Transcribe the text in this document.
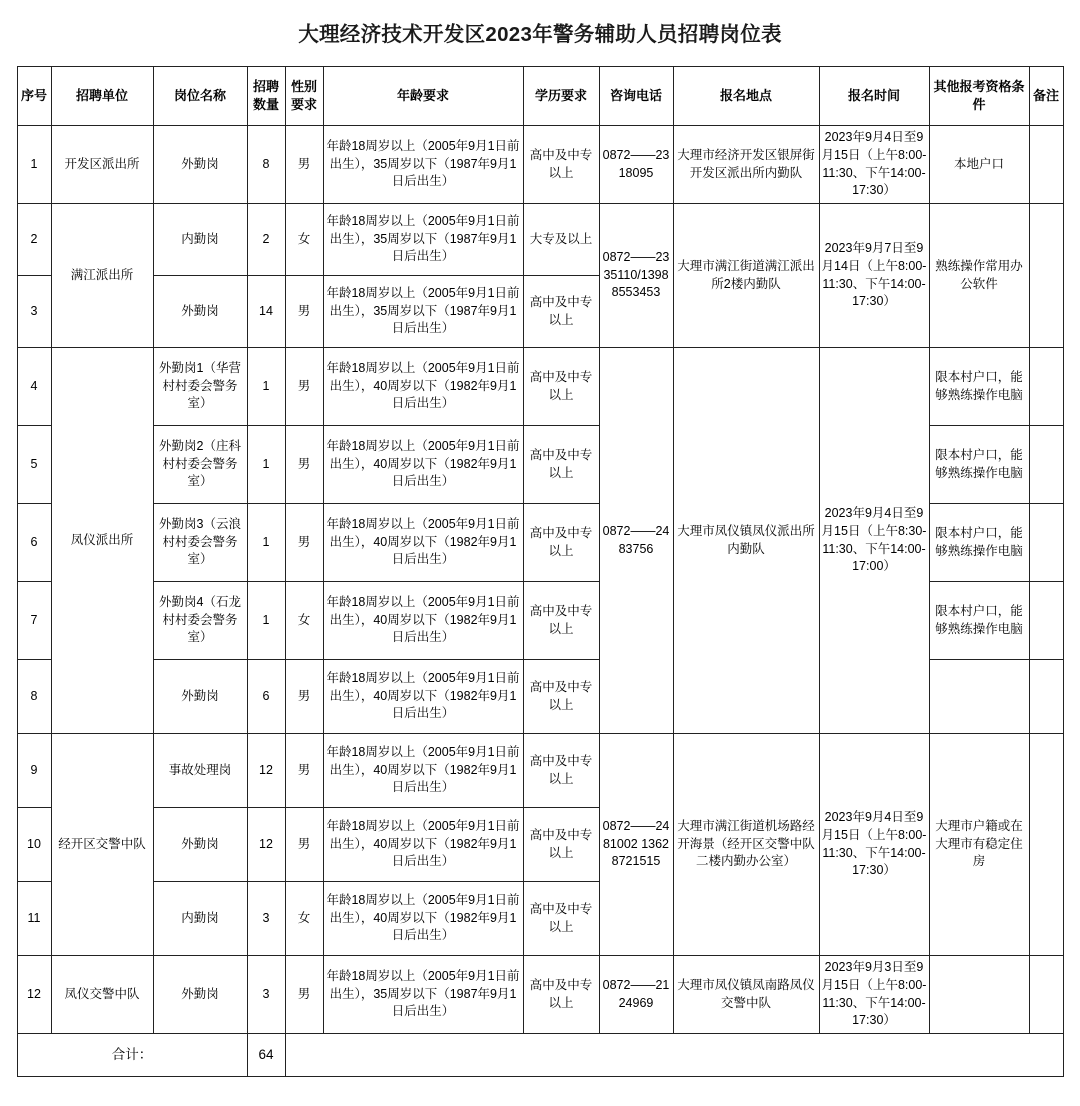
大理经济技术开发区2023年警务辅助人员招聘岗位表
序号	招聘单位	岗位名称	招聘数量	性别要求	年龄要求	学历要求	咨询电话	报名地点	报名时间	其他报考资格条件	备注
1	开发区派出所	外勤岗	8	男	年龄18周岁以上（2005年9月1日前出生），35周岁以下（1987年9月1日后出生）	高中及中专以上	0872——2318095	大理市经济开发区银屏街开发区派出所内勤队	2023年9月4日至9月15日（上午8:00-11:30、下午14:00-17:30）	本地户口	
2	满江派出所	内勤岗	2	女	年龄18周岁以上（2005年9月1日前出生），35周岁以下（1987年9月1日后出生）	大专及以上	0872——2335110/13988553453	大理市满江街道满江派出所2楼内勤队	2023年9月7日至9月14日（上午8:00-11:30、下午14:00-17:30）	熟练操作常用办公软件	
3		外勤岗	14	男	年龄18周岁以上（2005年9月1日前出生），35周岁以下（1987年9月1日后出生）	高中及中专以上					
4	凤仪派出所	外勤岗1（华营村村委会警务室）	1	男	年龄18周岁以上（2005年9月1日前出生），40周岁以下（1982年9月1日后出生）	高中及中专以上	0872——2483756	大理市凤仪镇凤仪派出所内勤队	2023年9月4日至9月15日（上午8:30-11:30、下午14:00-17:00）	限本村户口，能够熟练操作电脑	
5		外勤岗2（庄科村村委会警务室）	1	男	年龄18周岁以上（2005年9月1日前出生），40周岁以下（1982年9月1日后出生）	高中及中专以上				限本村户口，能够熟练操作电脑	
6		外勤岗3（云浪村村委会警务室）	1	男	年龄18周岁以上（2005年9月1日前出生），40周岁以下（1982年9月1日后出生）	高中及中专以上				限本村户口，能够熟练操作电脑	
7		外勤岗4（石龙村村委会警务室）	1	女	年龄18周岁以上（2005年9月1日前出生），40周岁以下（1982年9月1日后出生）	高中及中专以上				限本村户口，能够熟练操作电脑	
8		外勤岗	6	男	年龄18周岁以上（2005年9月1日前出生），40周岁以下（1982年9月1日后出生）	高中及中专以上					
9	经开区交警中队	事故处理岗	12	男	年龄18周岁以上（2005年9月1日前出生），40周岁以下（1982年9月1日后出生）	高中及中专以上	0872——2481002 13628721515	大理市满江街道机场路经开海景（经开区交警中队二楼内勤办公室）	2023年9月4日至9月15日（上午8:00-11:30、下午14:00-17:30）	大理市户籍或在大理市有稳定住房	
10		外勤岗	12	男	年龄18周岁以上（2005年9月1日前出生），40周岁以下（1982年9月1日后出生）	高中及中专以上					
11		内勤岗	3	女	年龄18周岁以上（2005年9月1日前出生），40周岁以下（1982年9月1日后出生）	高中及中专以上					
12	凤仪交警中队	外勤岗	3	男	年龄18周岁以上（2005年9月1日前出生），35周岁以下（1987年9月1日后出生）	高中及中专以上	0872——2124969	大理市凤仪镇凤南路凤仪交警中队	2023年9月3日至9月15日（上午8:00-11:30、下午14:00-17:30）		
合计：			64								
